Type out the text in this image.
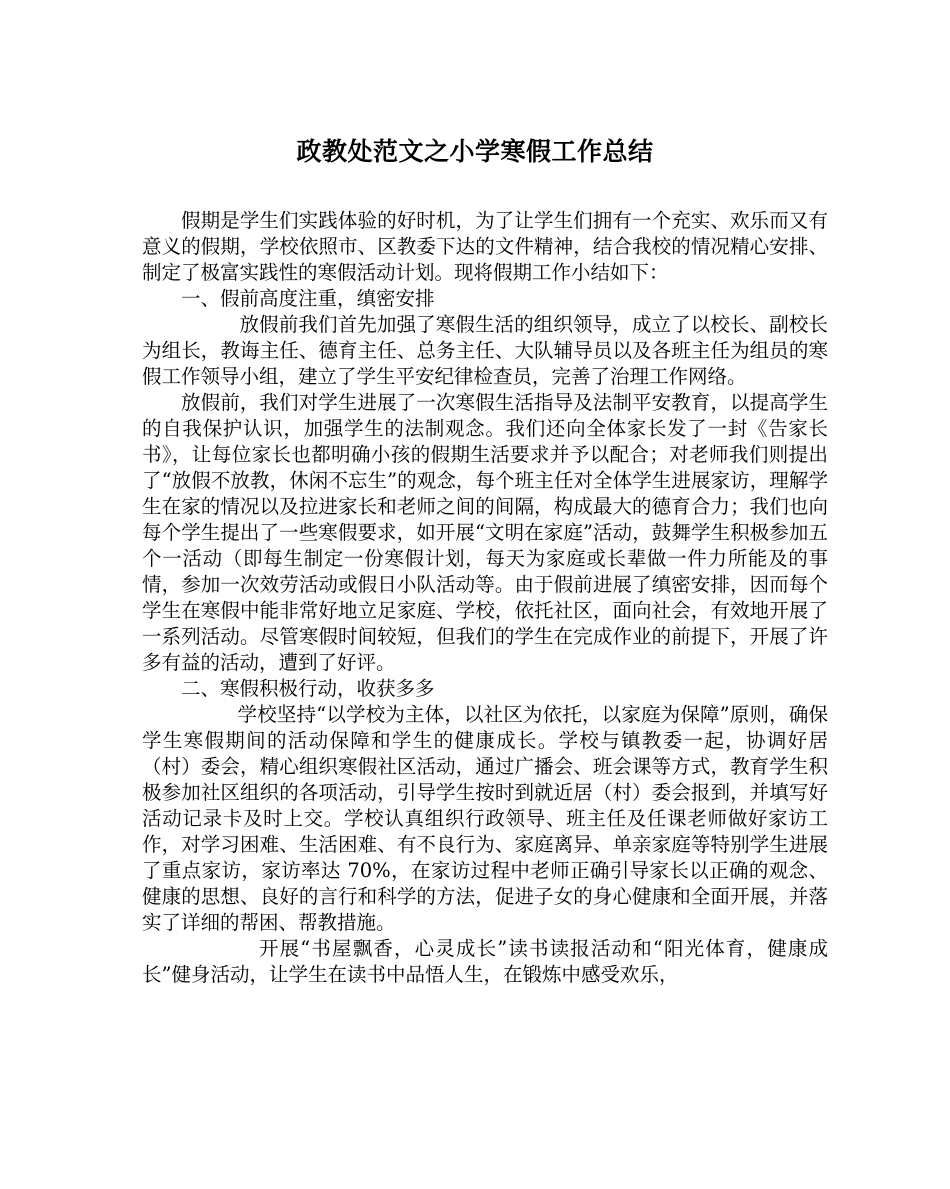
政教处范文之小学寒假工作总结

假期是学生们实践体验的好时机，为了让学生们拥有一个充实、欢乐而又有意义的假期，学校依照市、区教委下达的文件精神，结合我校的情况精心安排、制定了极富实践性的寒假活动计划。现将假期工作小结如下：

一、假前高度注重，缜密安排

放假前我们首先加强了寒假生活的组织领导，成立了以校长、副校长为组长，教诲主任、德育主任、总务主任、大队辅导员以及各班主任为组员的寒假工作领导小组，建立了学生平安纪律检查员，完善了治理工作网络。

放假前，我们对学生进展了一次寒假生活指导及法制平安教育，以提高学生的自我保护认识，加强学生的法制观念。我们还向全体家长发了一封《告家长书》，让每位家长也都明确小孩的假期生活要求并予以配合；对老师我们则提出了“放假不放教，休闲不忘生”的观念，每个班主任对全体学生进展家访，理解学生在家的情况以及拉进家长和老师之间的间隔，构成最大的德育合力；我们也向每个学生提出了一些寒假要求，如开展“文明在家庭”活动，鼓舞学生积极参加五个一活动（即每生制定一份寒假计划，每天为家庭或长辈做一件力所能及的事情，参加一次效劳活动或假日小队活动等。由于假前进展了缜密安排，因而每个学生在寒假中能非常好地立足家庭、学校，依托社区，面向社会，有效地开展了一系列活动。尽管寒假时间较短，但我们的学生在完成作业的前提下，开展了许多有益的活动，遭到了好评。

二、寒假积极行动，收获多多

学校坚持“以学校为主体，以社区为依托，以家庭为保障”原则，确保学生寒假期间的活动保障和学生的健康成长。学校与镇教委一起，协调好居（村）委会，精心组织寒假社区活动，通过广播会、班会课等方式，教育学生积极参加社区组织的各项活动，引导学生按时到就近居（村）委会报到，并填写好活动记录卡及时上交。学校认真组织行政领导、班主任及任课老师做好家访工作，对学习困难、生活困难、有不良行为、家庭离异、单亲家庭等特别学生进展了重点家访，家访率达 70%，在家访过程中老师正确引导家长以正确的观念、健康的思想、良好的言行和科学的方法，促进子女的身心健康和全面开展，并落实了详细的帮困、帮教措施。

开展“书屋飘香，心灵成长”读书读报活动和“阳光体育，健康成长”健身活动，让学生在读书中品悟人生，在锻炼中感受欢乐，
